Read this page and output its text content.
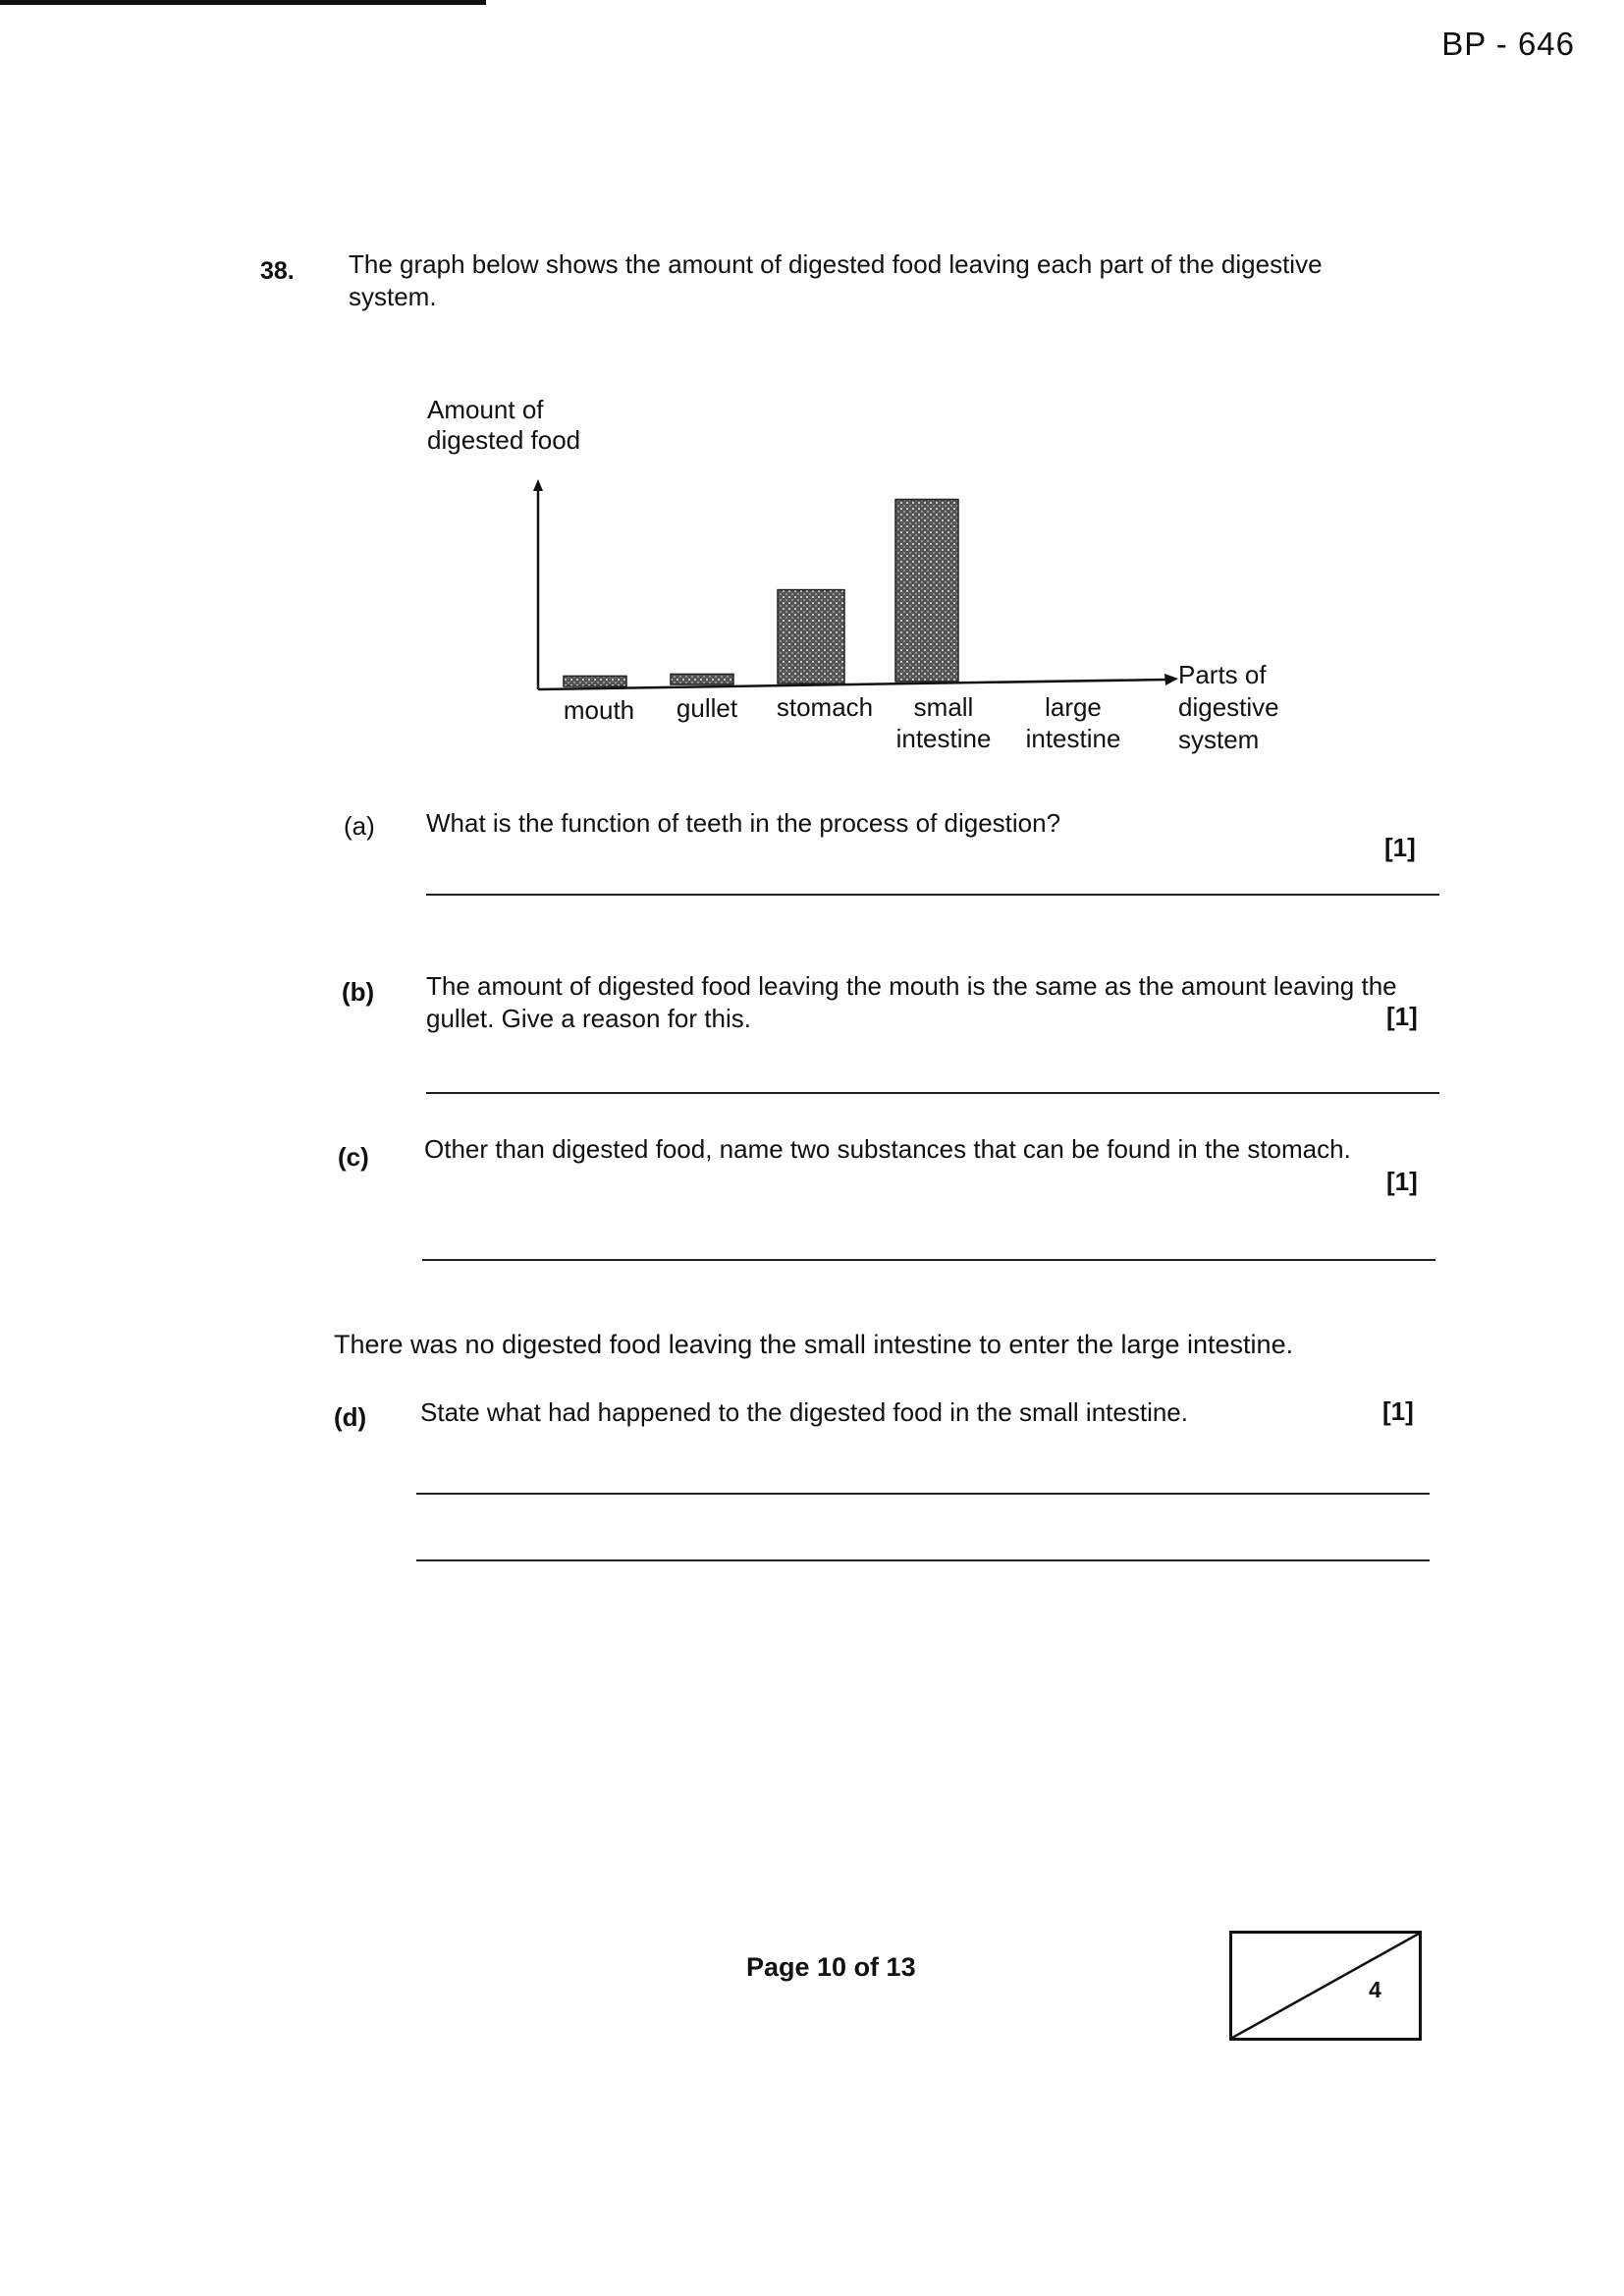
BP - 646
38. The graph below shows the amount of digested food leaving each part of the digestive system.
Amount of digested food
mouth	gullet	stomach	small intestine
large intestine
Parts of digestive system
(a) What is the function of teeth in the process of digestion?
[1]
(b) The amount of digested food leaving the mouth is the same as the amount leaving the gullet. Give a reason for this.	[1]
(c) Other than digested food, name two substances that can be found in the stomach.
[1]
There was no digested food leaving the small intestine to enter the large intestine.
(d) State what had happened to the digested food in the small intestine.	[1]
Page 10 of 13
4
